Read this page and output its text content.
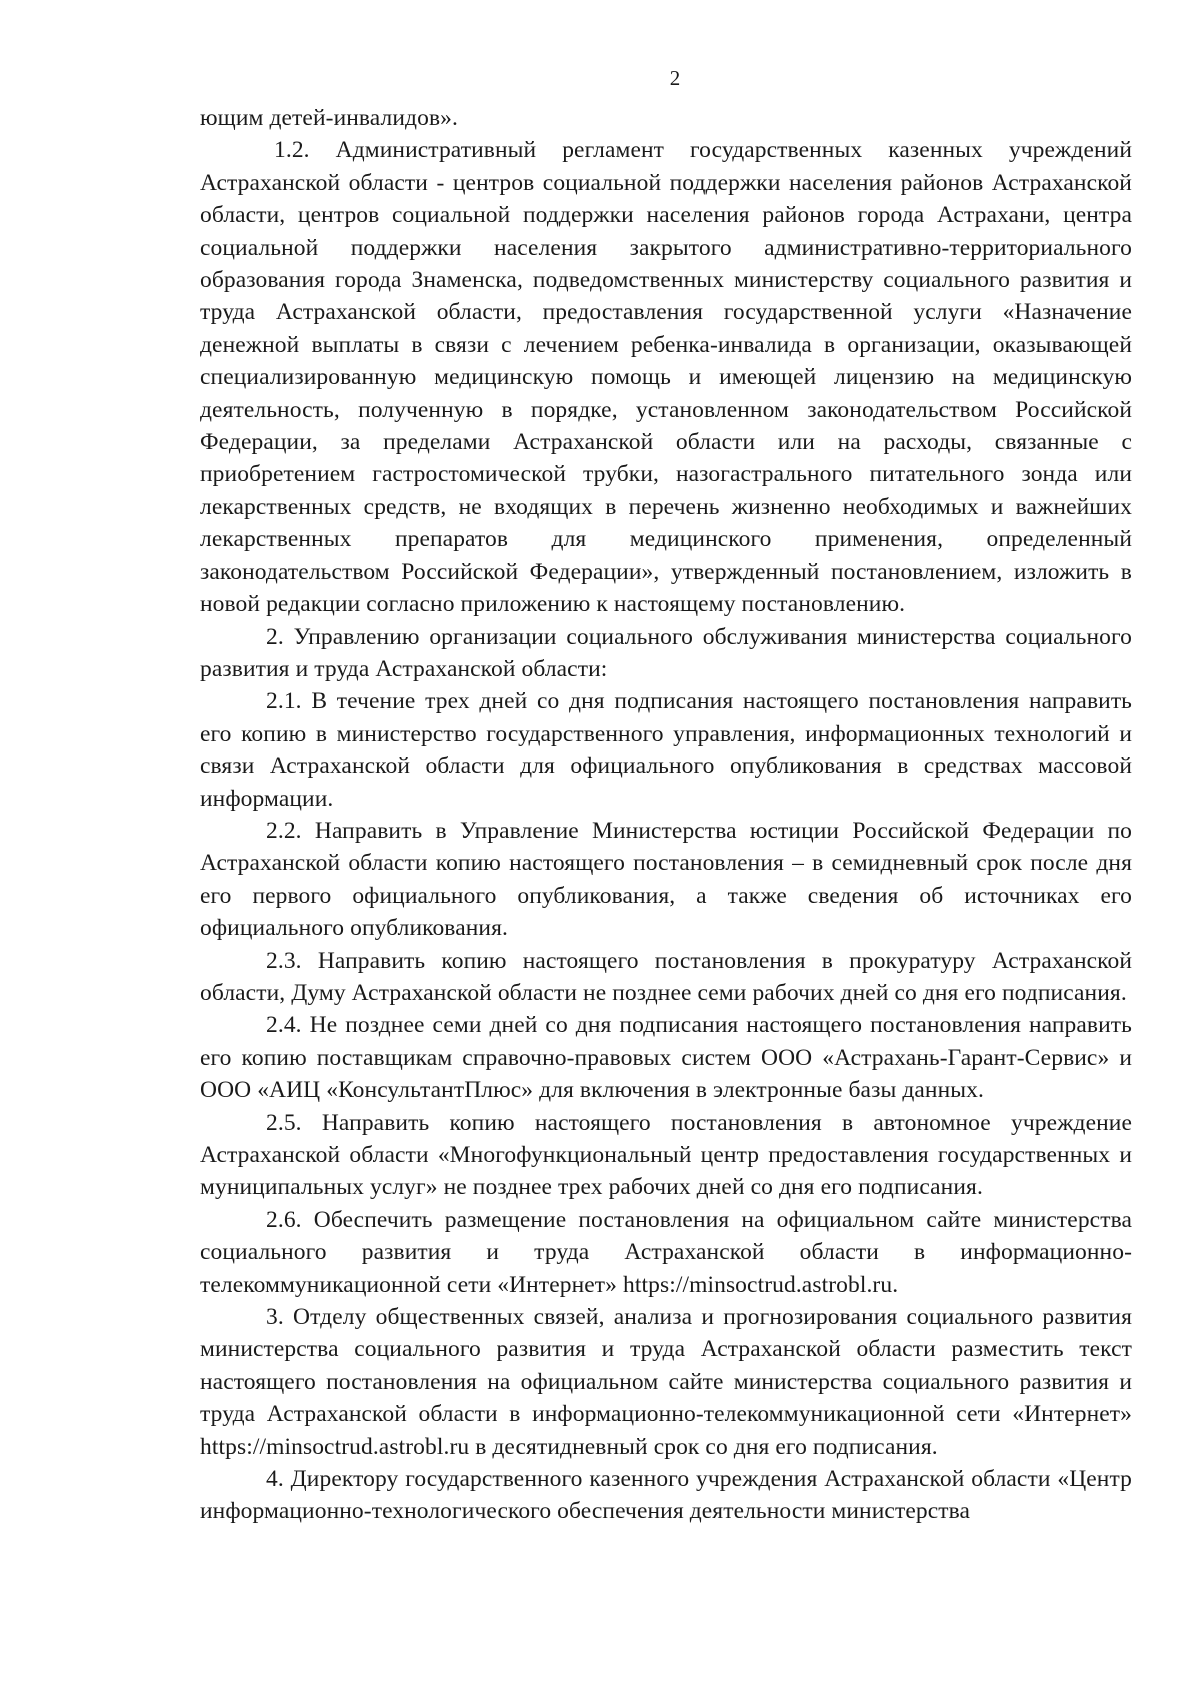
2

ющим детей-инвалидов».

1.2. Административный регламент государственных казенных учреждений Астраханской области - центров социальной поддержки населения районов Астраханской области, центров социальной поддержки населения районов города Астрахани, центра социальной поддержки населения закрытого административно-территориального образования города Знаменска, подведомственных министерству социального развития и труда Астраханской области, предоставления государственной услуги «Назначение денежной выплаты в связи с лечением ребенка-инвалида в организации, оказывающей специализированную медицинскую помощь и имеющей лицензию на медицинскую деятельность, полученную в порядке, установленном законодательством Российской Федерации, за пределами Астраханской области или на расходы, связанные с приобретением гастростомической трубки, назогастрального питательного зонда или лекарственных средств, не входящих в перечень жизненно необходимых и важнейших лекарственных препаратов для медицинского применения, определенный законодательством Российской Федерации», утвержденный постановлением, изложить в новой редакции согласно приложению к настоящему постановлению.

2. Управлению организации социального обслуживания министерства социального развития и труда Астраханской области:

2.1. В течение трех дней со дня подписания настоящего постановления направить его копию в министерство государственного управления, информационных технологий и связи Астраханской области для официального опубликования в средствах массовой информации.

2.2. Направить в Управление Министерства юстиции Российской Федерации по Астраханской области копию настоящего постановления – в семидневный срок после дня его первого официального опубликования, а также сведения об источниках его официального опубликования.

2.3. Направить копию настоящего постановления в прокуратуру Астраханской области, Думу Астраханской области не позднее семи рабочих дней со дня его подписания.

2.4. Не позднее семи дней со дня подписания настоящего постановления направить его копию поставщикам справочно-правовых систем ООО «Астрахань-Гарант-Сервис» и ООО «АИЦ «КонсультантПлюс» для включения в электронные базы данных.

2.5. Направить копию настоящего постановления в автономное учреждение Астраханской области «Многофункциональный центр предоставления государственных и муниципальных услуг» не позднее трех рабочих дней со дня его подписания.

2.6. Обеспечить размещение постановления на официальном сайте министерства социального развития и труда Астраханской области в информационно-телекоммуникационной сети «Интернет» https://minsoctrud.astrobl.ru.

3. Отделу общественных связей, анализа и прогнозирования социального развития министерства социального развития и труда Астраханской области разместить текст настоящего постановления на официальном сайте министерства социального развития и труда Астраханской области в информационно-телекоммуникационной сети «Интернет» https://minsoctrud.astrobl.ru в десятидневный срок со дня его подписания.

4. Директору государственного казенного учреждения Астраханской области «Центр информационно-технологического обеспечения деятельности министерства
